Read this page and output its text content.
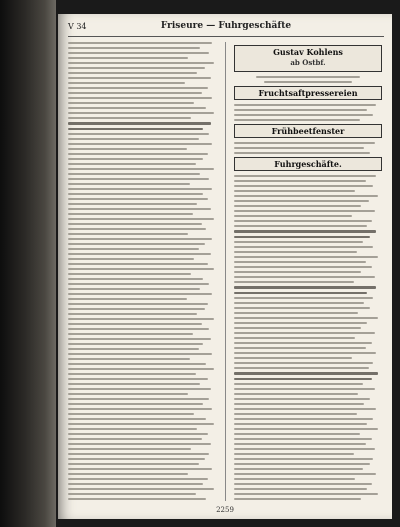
V 34	Friseure — Fuhrgeschäfte
Gustav Kohlens
ab Ostbf.
Fruchtsaftpressereien
Frühbeetfenster
Fuhrgeschäfte.
2259
